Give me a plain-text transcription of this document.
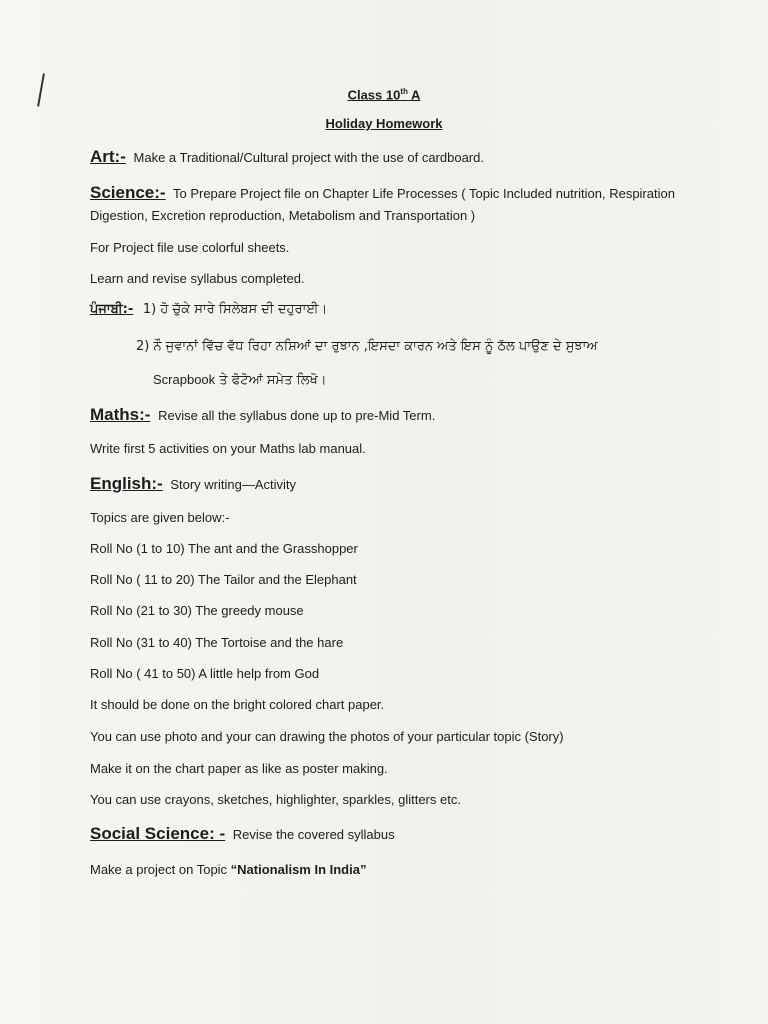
Class 10th A
Holiday Homework
Art:- Make a Traditional/Cultural project with the use of cardboard.
Science:- To Prepare Project file on Chapter Life Processes ( Topic Included nutrition, Respiration
Digestion, Excretion reproduction, Metabolism and Transportation )
For Project file use colorful sheets.
Learn and revise syllabus completed.
ਪੰਜਾਬੀ:- 1) ਹੋ ਚੁੱਕੇ ਸਾਰੇ ਸਿਲੇਬਸ ਦੀ ਦਹੁਰਾਈ।
2) ਨੌ ਜੁਵਾਨਾਂ ਵਿੱਚ ਵੱਧ ਰਿਹਾ ਨਸ਼ਿਆਂ ਦਾ ਰੁਝਾਨ ,ਇਸਦਾ ਕਾਰਨ ਅਤੇ ਇਸ ਨੂੰ ਠੱਲ ਪਾਉਣ ਦੇ ਸੁਝਾਅ
Scrapbook ਤੇ ਫੋਟੋਆਂ ਸਮੇਤ ਲਿਖੋ।
Maths:- Revise all the syllabus done up to pre-Mid Term.
Write first 5 activities on your Maths lab manual.
English:- Story writing—Activity
Topics are given below:-
Roll No (1 to 10) The ant and the Grasshopper
Roll No ( 11 to 20) The Tailor and the Elephant
Roll No (21 to 30) The greedy mouse
Roll No (31 to 40) The Tortoise and the hare
Roll No ( 41 to 50) A little help from God
It should be done on the bright colored chart paper.
You can use photo and your can drawing the photos of your particular topic (Story)
Make it on the chart paper as like as poster making.
You can use crayons, sketches, highlighter, sparkles, glitters etc.
Social Science: - Revise the covered syllabus
Make a project on Topic “Nationalism In India”
